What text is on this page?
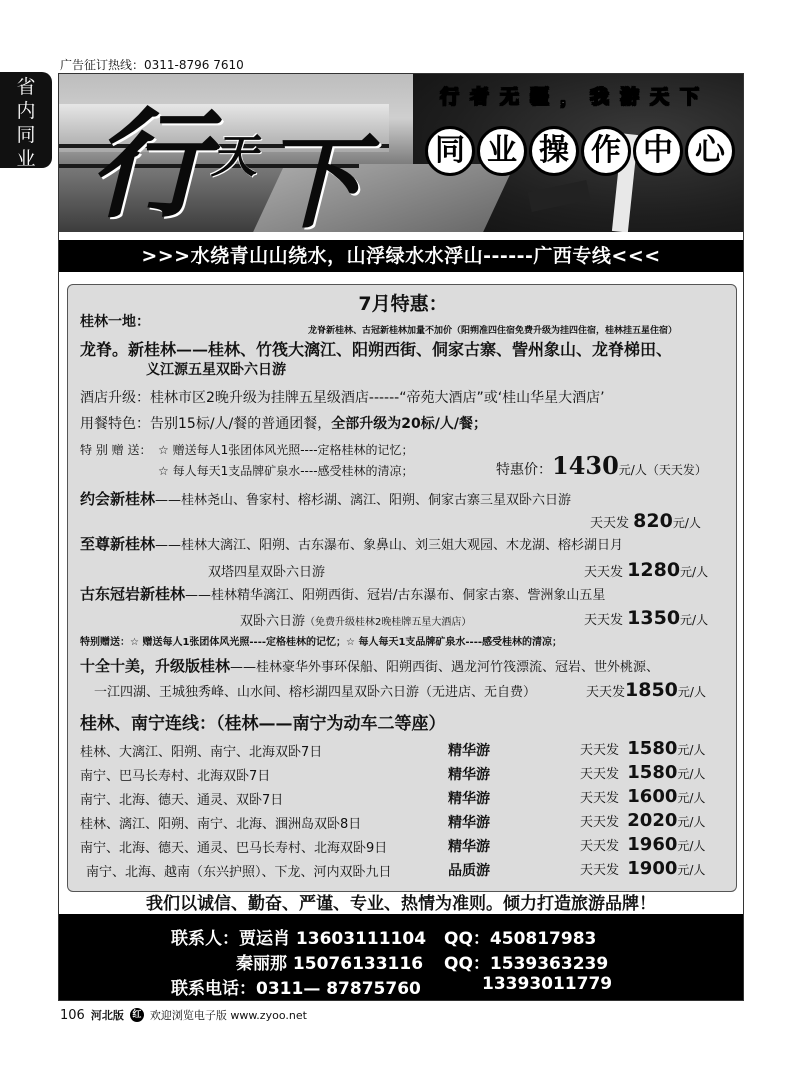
广告征订热线：0311-8796 7610
省
内
同
业 行 天 下
行 者 无 疆 ， 我 游 天 下
同 业 操 作 中 心
>>>水绕青山山绕水，山浮绿水水浮山------广西专线<<<
7月特惠：
桂林一地：
龙脊新桂林、古冠新桂林加量不加价（阳朔准四住宿免费升级为挂四住宿，桂林挂五星住宿）
龙脊。新桂林——桂林、竹筏大漓江、阳朔西街、侗家古寨、訾州象山、龙脊梯田、
义江源五星双卧六日游
酒店升级：桂林市区2晚升级为挂牌五星级酒店------“帝苑大酒店”或‘桂山华星大酒店’
用餐特色：告别15标/人/餐的普通团餐，全部升级为20标/人/餐；
特 别 赠 送： ☆ 赠送每人1张团体风光照----定格桂林的记忆；
☆ 每人每天1支品牌矿泉水----感受桂林的清凉；	特惠价：1430元/人（天天发）
约会新桂林——桂林尧山、鲁家村、榕杉湖、漓江、阳朔、侗家古寨三星双卧六日游
天天发 820元/人
至尊新桂林——桂林大漓江、阳朔、古东瀑布、象鼻山、刘三姐大观园、木龙湖、榕杉湖日月
双塔四星双卧六日游	天天发 1280元/人
古东冠岩新桂林——桂林精华漓江、阳朔西街、冠岩/古东瀑布、侗家古寨、訾洲象山五星
双卧六日游（免费升级桂林2晚桂牌五星大酒店）	天天发 1350元/人
特别赠送：☆ 赠送每人1张团体风光照----定格桂林的记忆；☆ 每人每天1支品牌矿泉水----感受桂林的清凉；
十全十美，升级版桂林——桂林豪华外事环保船、阳朔西街、遇龙河竹筏漂流、冠岩、世外桃源、
一江四湖、王城独秀峰、山水间、榕杉湖四星双卧六日游（无进店、无自费）	天天发1850元/人
桂林、南宁连线：（桂林——南宁为动车二等座）
桂林、大漓江、阳朔、南宁、北海双卧7日	精华游	天天发 1580元/人
南宁、巴马长寿村、北海双卧7日	精华游	天天发 1580元/人
南宁、北海、德天、通灵、双卧7日	精华游	天天发 1600元/人
桂林、漓江、阳朔、南宁、北海、涠洲岛双卧8日	精华游	天天发 2020元/人
南宁、北海、德天、通灵、巴马长寿村、北海双卧9日	精华游	天天发 1960元/人
南宁、北海、越南（东兴护照）、下龙、河内双卧九日	品质游	天天发 1900元/人
我们以诚信、勤奋、严谨、专业、热情为准则。倾力打造旅游品牌！
联系人：贾运肖 13603111104 QQ：450817983
秦丽那 15076133116 QQ：1539363239
联系电话：0311— 87875760	13393011779
106 河北版 红 欢迎浏览电子版 www.zyoo.net
